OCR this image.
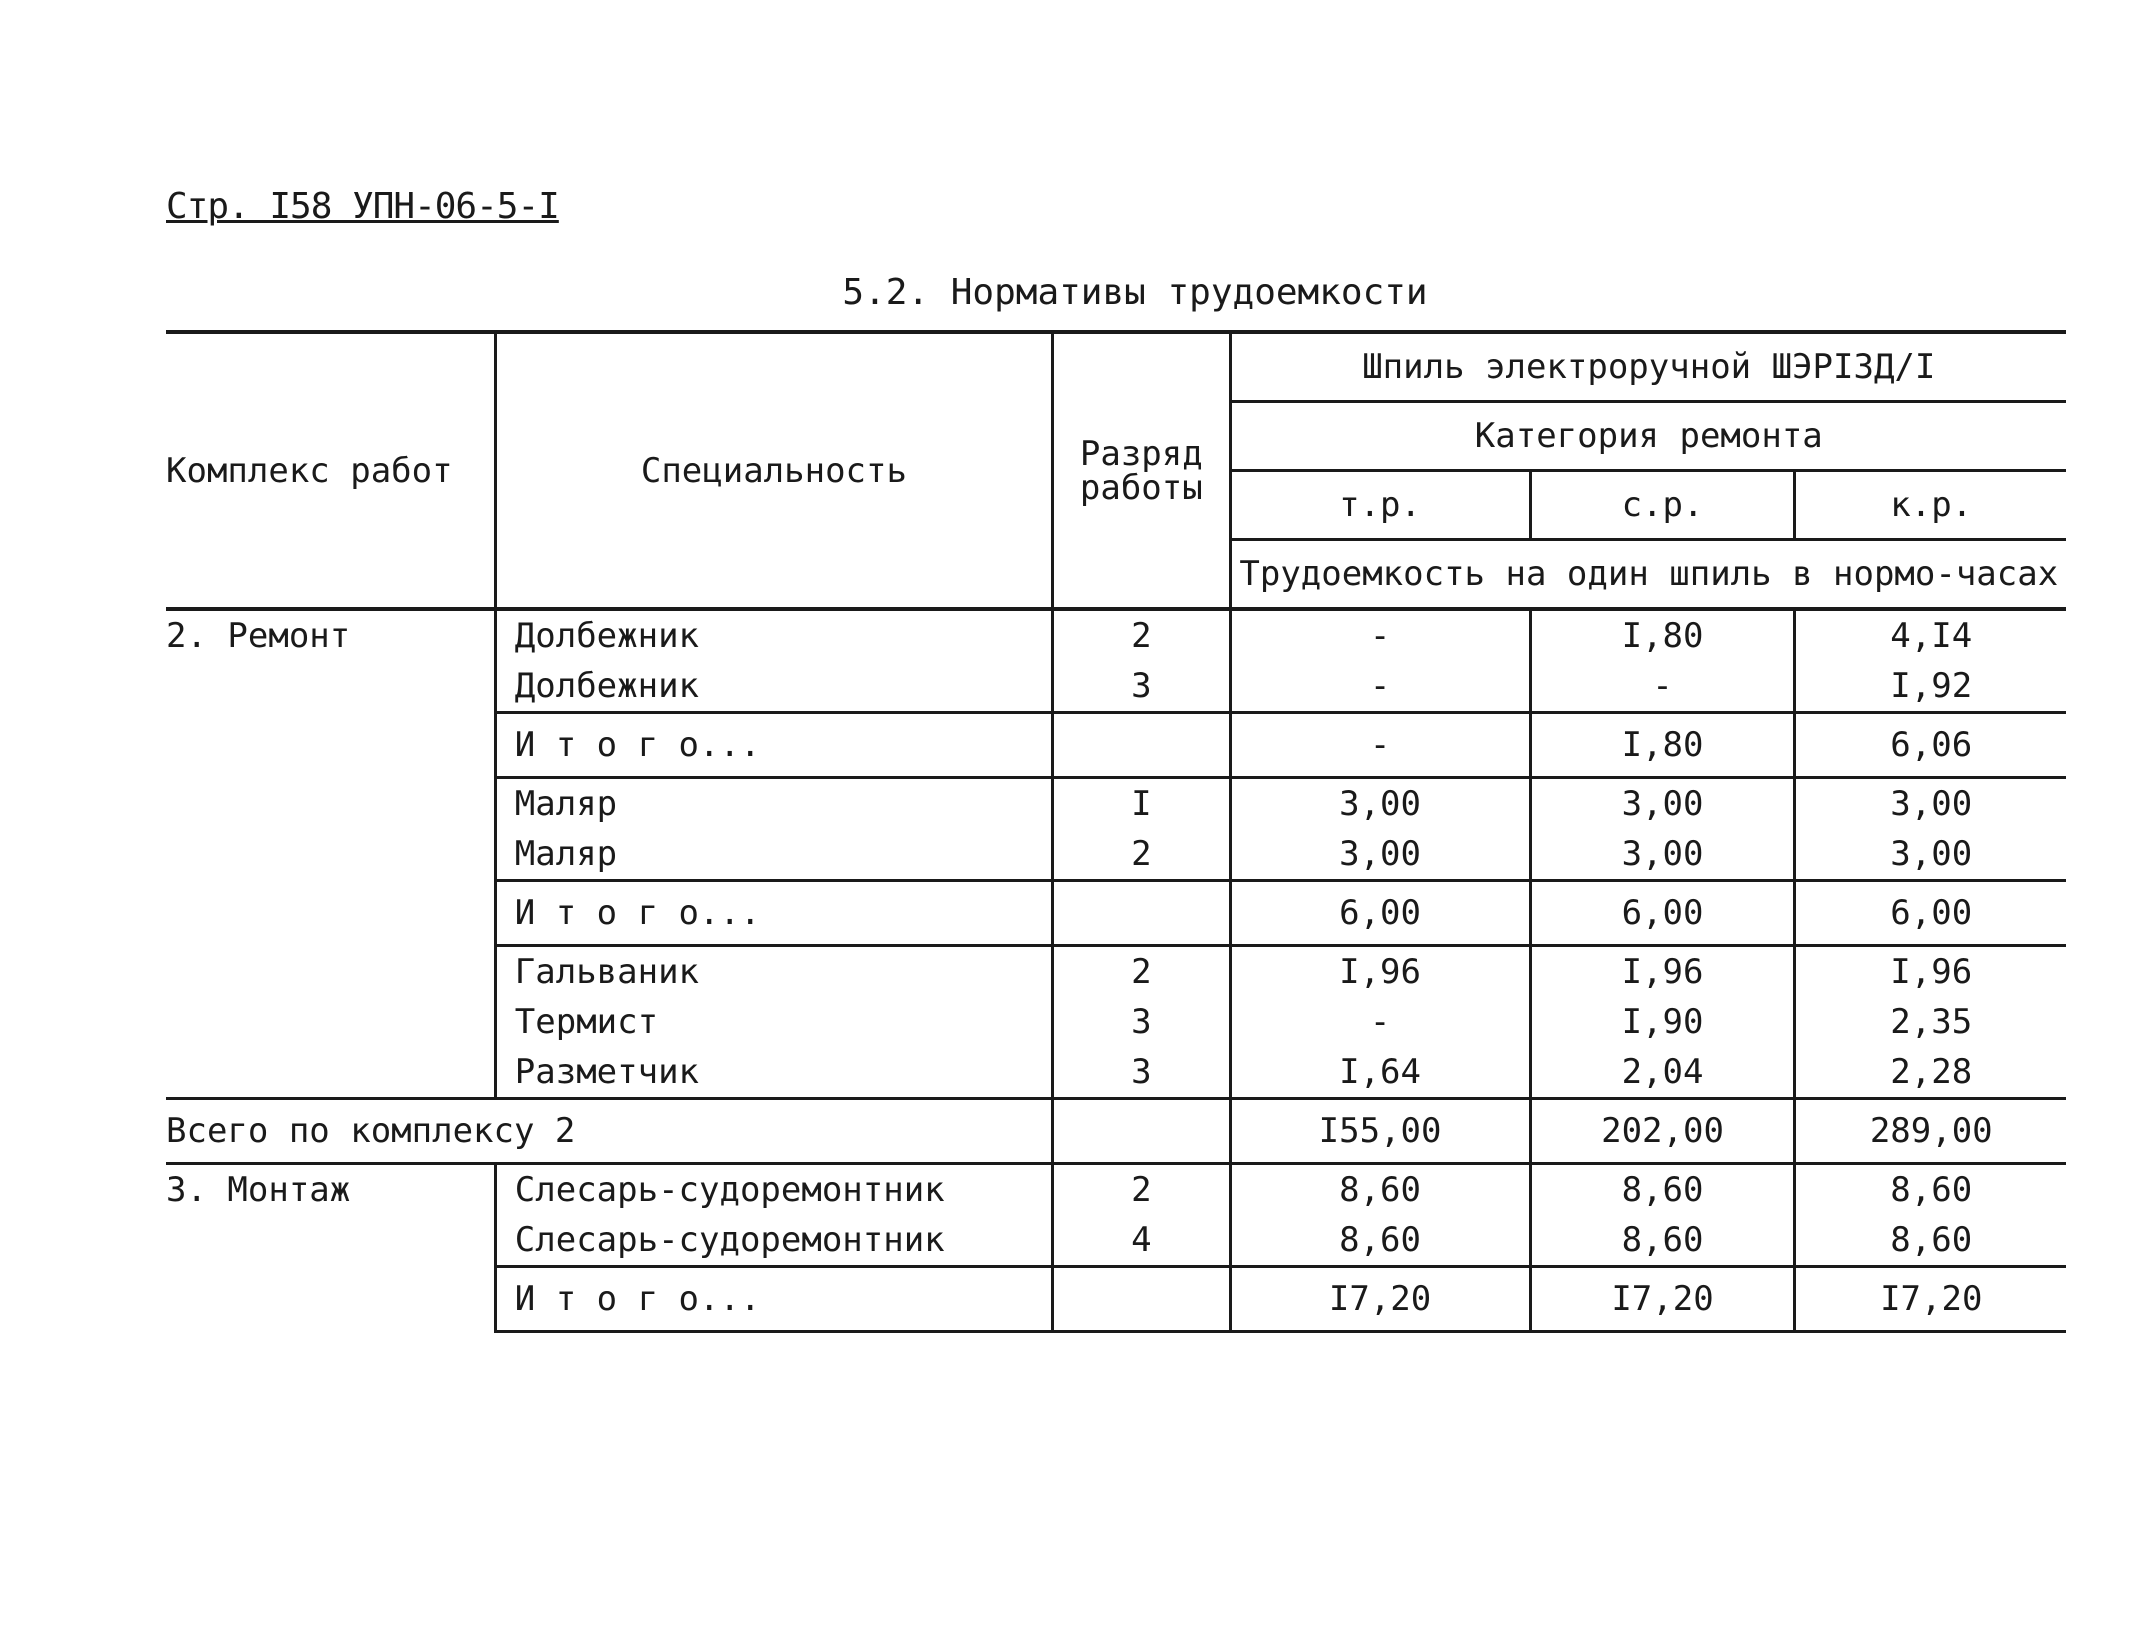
Стр. I58 УПН-06-5-I
5.2. Нормативы трудоемкости
Комплекс работ	Специальность	Разряд работы	Шпиль электроручной ШЭРI3Д/I		
			Категория ремонта		
			т.р.	с.р.	к.р.
			Трудоемкость на один шпиль в нормо-часах		
2. Ремонт	Долбежник	2	-	I,80	4,I4
	Долбежник	3	-	-	I,92
	И т о г о...		-	I,80	6,06
	Маляр	I	3,00	3,00	3,00
	Маляр	2	3,00	3,00	3,00
	И т о г о...		6,00	6,00	6,00
	Гальваник	2	I,96	I,96	I,96
	Термист	3	-	I,90	2,35
	Разметчик	3	I,64	2,04	2,28
Всего по комплексу 2			I55,00	202,00	289,00
3. Монтаж	Слесарь-судоремонтник	2	8,60	8,60	8,60
	Слесарь-судоремонтник	4	8,60	8,60	8,60
	И т о г о...		I7,20	I7,20	I7,20
